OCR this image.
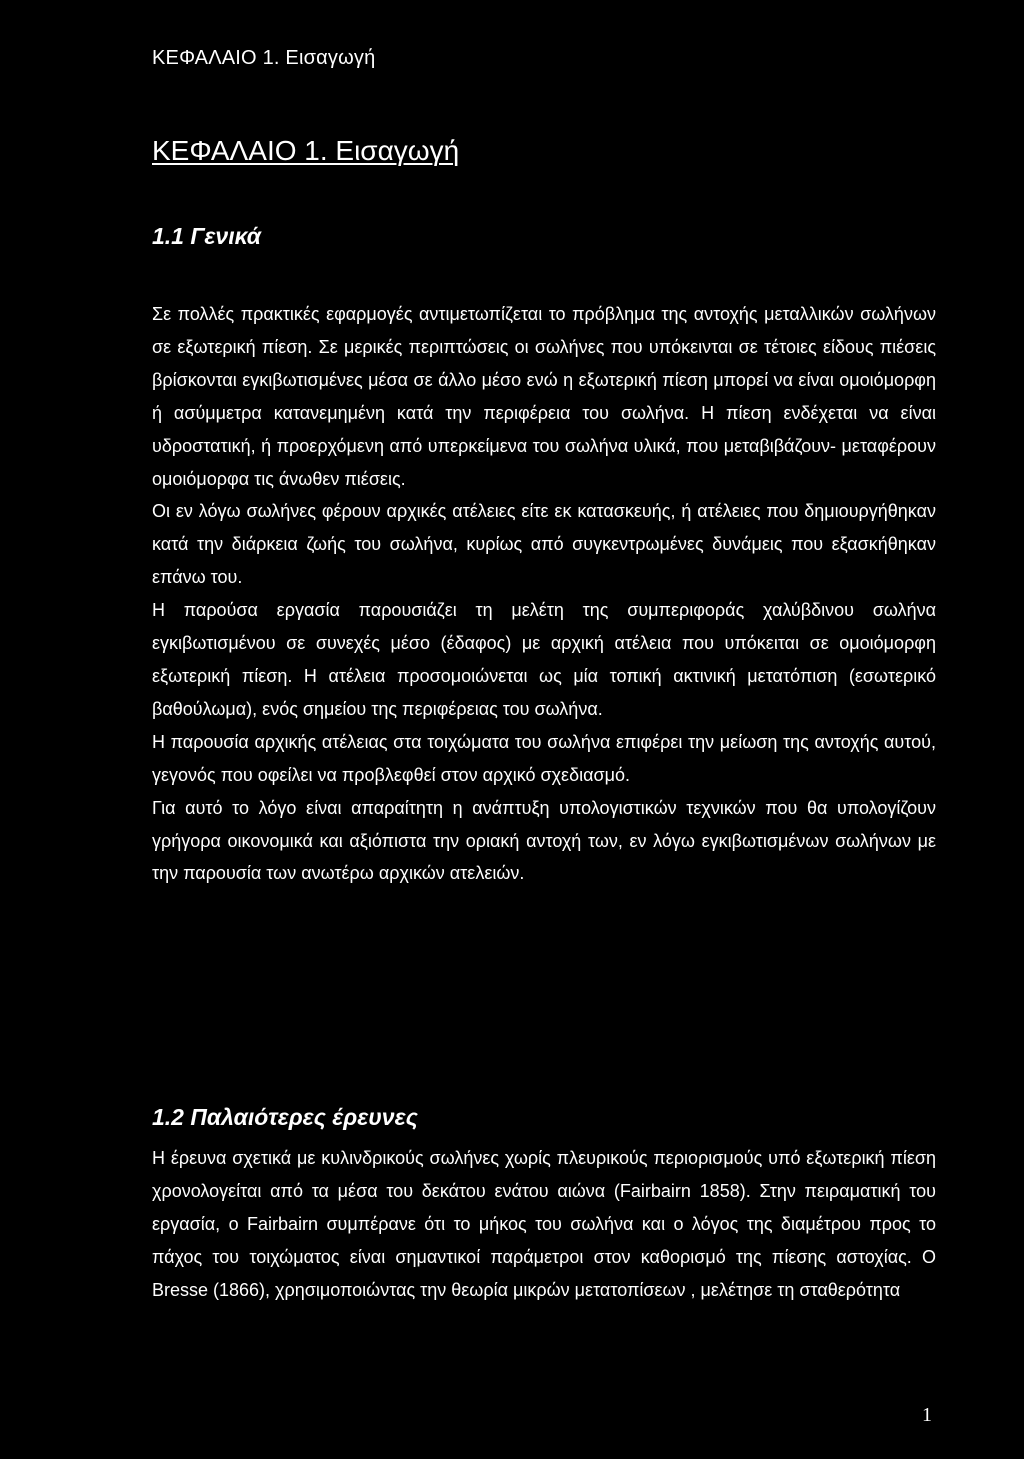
ΚΕΦΑΛΑΙΟ 1. Εισαγωγή
ΚΕΦΑΛΑΙΟ 1. Εισαγωγή
1.1 Γενικά

Σε πολλές πρακτικές εφαρμογές αντιμετωπίζεται το πρόβλημα της αντοχής μεταλλικών σωλήνων σε εξωτερική πίεση. Σε μερικές περιπτώσεις οι σωλήνες που υπόκεινται σε τέτοιες είδους πιέσεις βρίσκονται εγκιβωτισμένες μέσα σε άλλο μέσο ενώ η εξωτερική πίεση μπορεί να είναι ομοιόμορφη ή ασύμμετρα κατανεμημένη κατά την περιφέρεια του σωλήνα. Η πίεση ενδέχεται να είναι υδροστατική, ή προερχόμενη από υπερκείμενα του σωλήνα υλικά, που μεταβιβάζουν- μεταφέρουν ομοιόμορφα τις άνωθεν πιέσεις.

Οι εν λόγω σωλήνες φέρουν αρχικές ατέλειες είτε εκ κατασκευής, ή ατέλειες που δημιουργήθηκαν κατά την διάρκεια ζωής του σωλήνα, κυρίως από συγκεντρωμένες δυνάμεις που εξασκήθηκαν επάνω του.

Η παρούσα εργασία παρουσιάζει τη μελέτη της συμπεριφοράς χαλύβδινου σωλήνα εγκιβωτισμένου σε συνεχές μέσο (έδαφος) με αρχική ατέλεια που υπόκειται σε ομοιόμορφη εξωτερική πίεση. Η ατέλεια προσομοιώνεται ως μία τοπική ακτινική μετατόπιση (εσωτερικό βαθούλωμα), ενός σημείου της περιφέρειας του σωλήνα.

Η παρουσία αρχικής ατέλειας στα τοιχώματα του σωλήνα επιφέρει την μείωση της αντοχής αυτού, γεγονός που οφείλει να προβλεφθεί στον αρχικό σχεδιασμό.

Για αυτό το λόγο είναι απαραίτητη η ανάπτυξη υπολογιστικών τεχνικών που θα υπολογίζουν γρήγορα οικονομικά και αξιόπιστα την οριακή αντοχή των, εν λόγω εγκιβωτισμένων σωλήνων με την παρουσία των ανωτέρω αρχικών ατελειών.

1.2 Παλαιότερες έρευνες

Η έρευνα σχετικά με κυλινδρικούς σωλήνες χωρίς πλευρικούς περιορισμούς υπό εξωτερική πίεση χρονολογείται από τα μέσα του δεκάτου ενάτου αιώνα (Fairbairn 1858). Στην πειραματική του εργασία, ο Fairbairn συμπέρανε ότι το μήκος του σωλήνα και ο λόγος της διαμέτρου προς το πάχος του τοιχώματος είναι σημαντικοί παράμετροι στον καθορισμό της πίεσης αστοχίας. Ο Bresse (1866), χρησιμοποιώντας την θεωρία μικρών μετατοπίσεων , μελέτησε τη σταθερότητα

1
